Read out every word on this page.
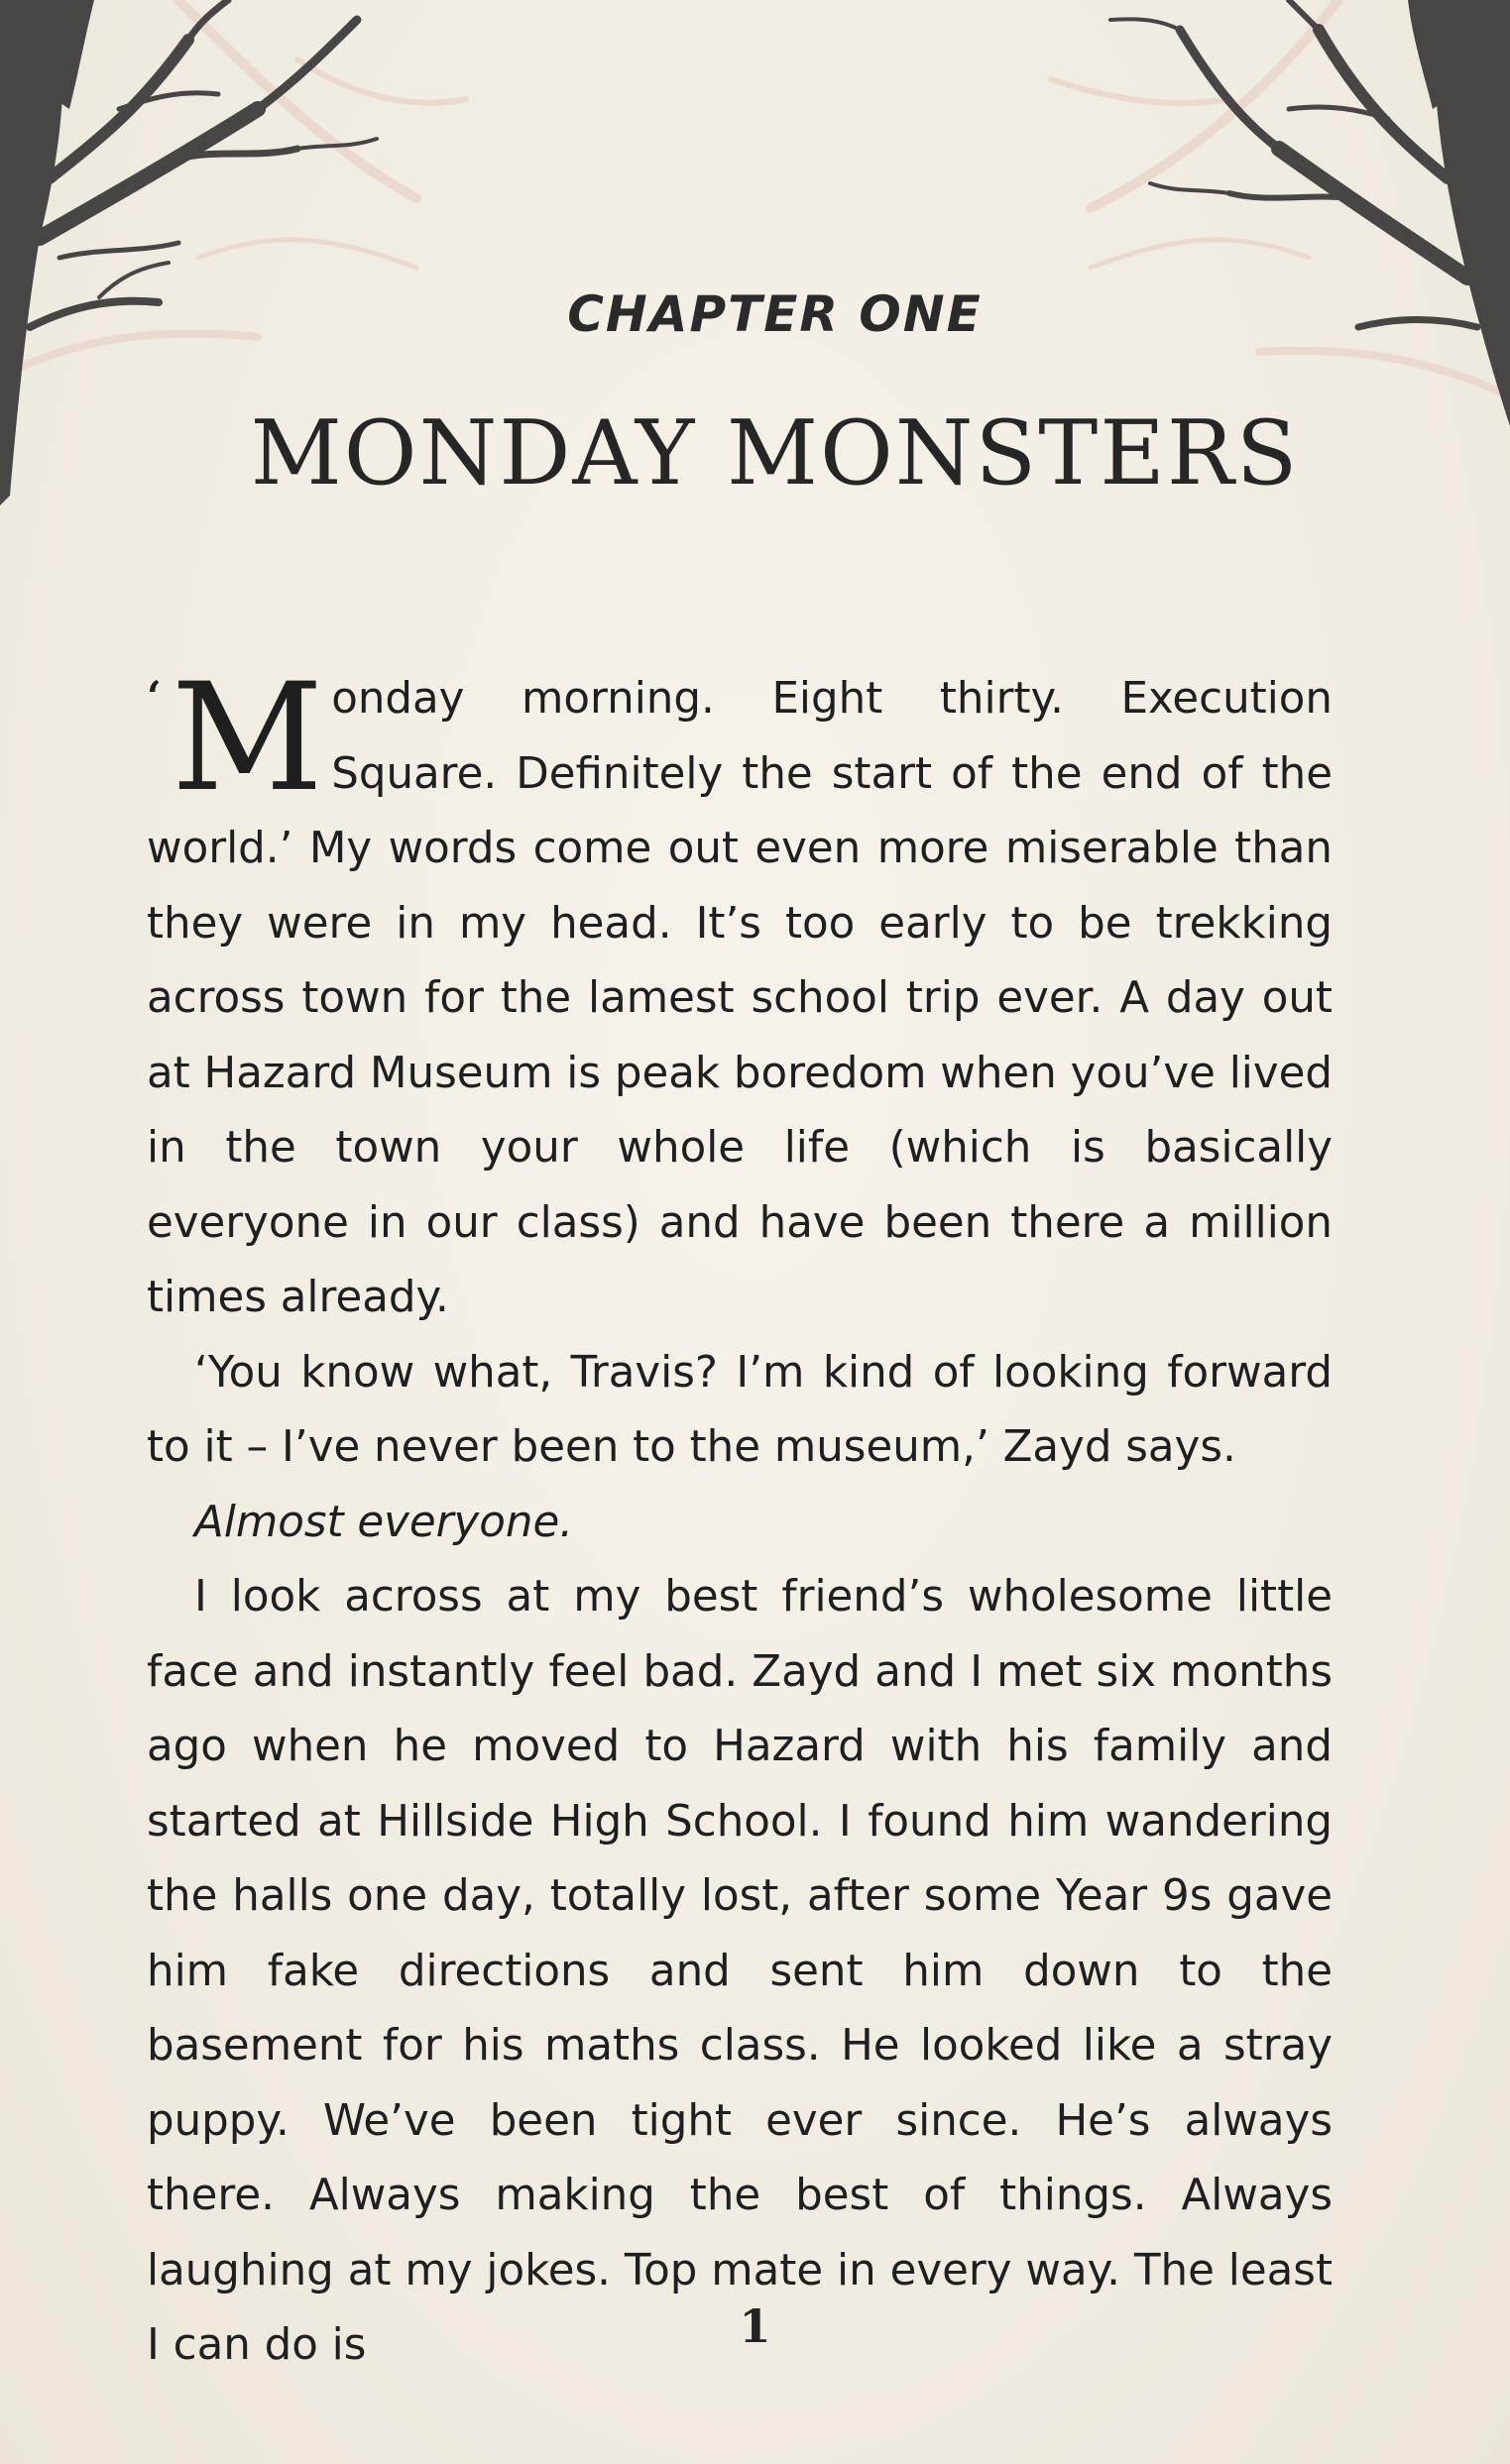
CHAPTER ONE
MONDAY MONSTERS

‘ M onday morning. Eight thirty. Execution Square. Definitely the start of the end of the world.’ My words come out even more miserable than they were in my head. It’s too early to be trekking across town for the lamest school trip ever. A day out at Hazard Museum is peak boredom when you’ve lived in the town your whole life (which is basically everyone in our class) and have been there a million times already.

‘You know what, Travis? I’m kind of looking forward to it – I’ve never been to the museum,’ Zayd says.

Almost everyone.

I look across at my best friend’s wholesome little face and instantly feel bad. Zayd and I met six months ago when he moved to Hazard with his family and started at Hillside High School. I found him wandering the halls one day, totally lost, after some Year 9s gave him fake directions and sent him down to the basement for his maths class. He looked like a stray puppy. We’ve been tight ever since. He’s always there. Always making the best of things. Always laughing at my jokes. Top mate in every way. The least I can do is	1
